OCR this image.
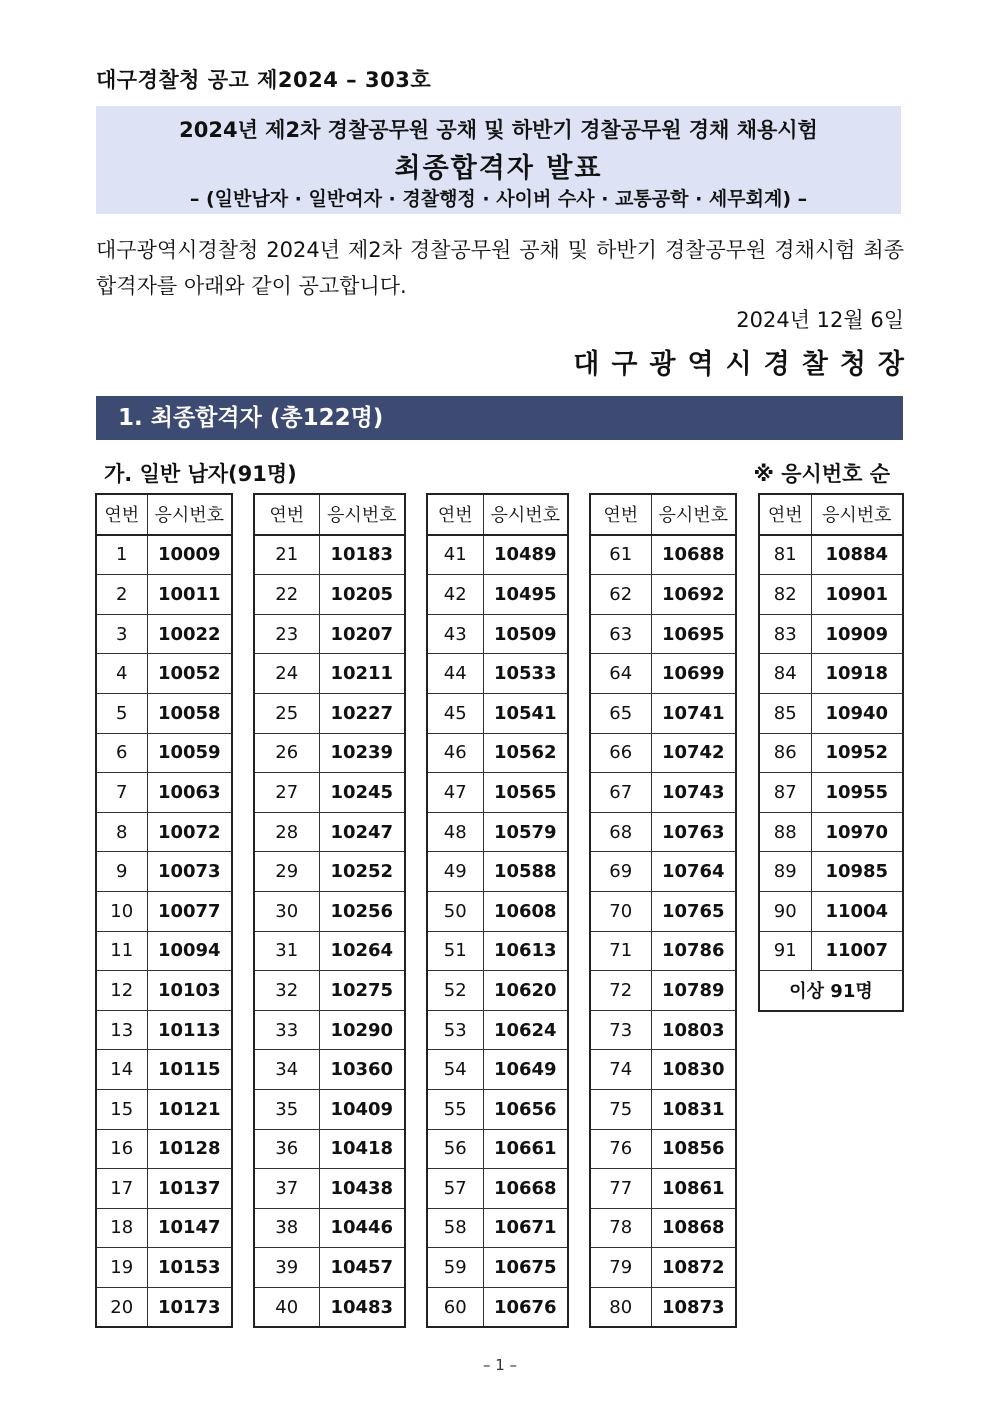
대구경찰청 공고 제2024 – 303호
2024년 제2차 경찰공무원 공채 및 하반기 경찰공무원 경채 채용시험
최종합격자 발표
– (일반남자 · 일반여자 · 경찰행정 · 사이버 수사 · 교통공학 · 세무회계) –
대구광역시경찰청 2024년 제2차 경찰공무원 공채 및 하반기 경찰공무원 경채시험 최종합격자를 아래와 같이 공고합니다.
2024년 12월 6일
대구광역시경찰청장
1. 최종합격자 (총122명)
가. 일반 남자(91명)	※ 응시번호 순
연번	응시번호
1	10009
2	10011
3	10022
4	10052
5	10058
6	10059
7	10063
8	10072
9	10073
10	10077
11	10094
12	10103
13	10113
14	10115
15	10121
16	10128
17	10137
18	10147
19	10153
20	10173
연번	응시번호
21	10183
22	10205
23	10207
24	10211
25	10227
26	10239
27	10245
28	10247
29	10252
30	10256
31	10264
32	10275
33	10290
34	10360
35	10409
36	10418
37	10438
38	10446
39	10457
40	10483
연번	응시번호
41	10489
42	10495
43	10509
44	10533
45	10541
46	10562
47	10565
48	10579
49	10588
50	10608
51	10613
52	10620
53	10624
54	10649
55	10656
56	10661
57	10668
58	10671
59	10675
60	10676
연번	응시번호
61	10688
62	10692
63	10695
64	10699
65	10741
66	10742
67	10743
68	10763
69	10764
70	10765
71	10786
72	10789
73	10803
74	10830
75	10831
76	10856
77	10861
78	10868
79	10872
80	10873
연번	응시번호
81	10884
82	10901
83	10909
84	10918
85	10940
86	10952
87	10955
88	10970
89	10985
90	11004
91	11007
이상 91명	
– 1 –
